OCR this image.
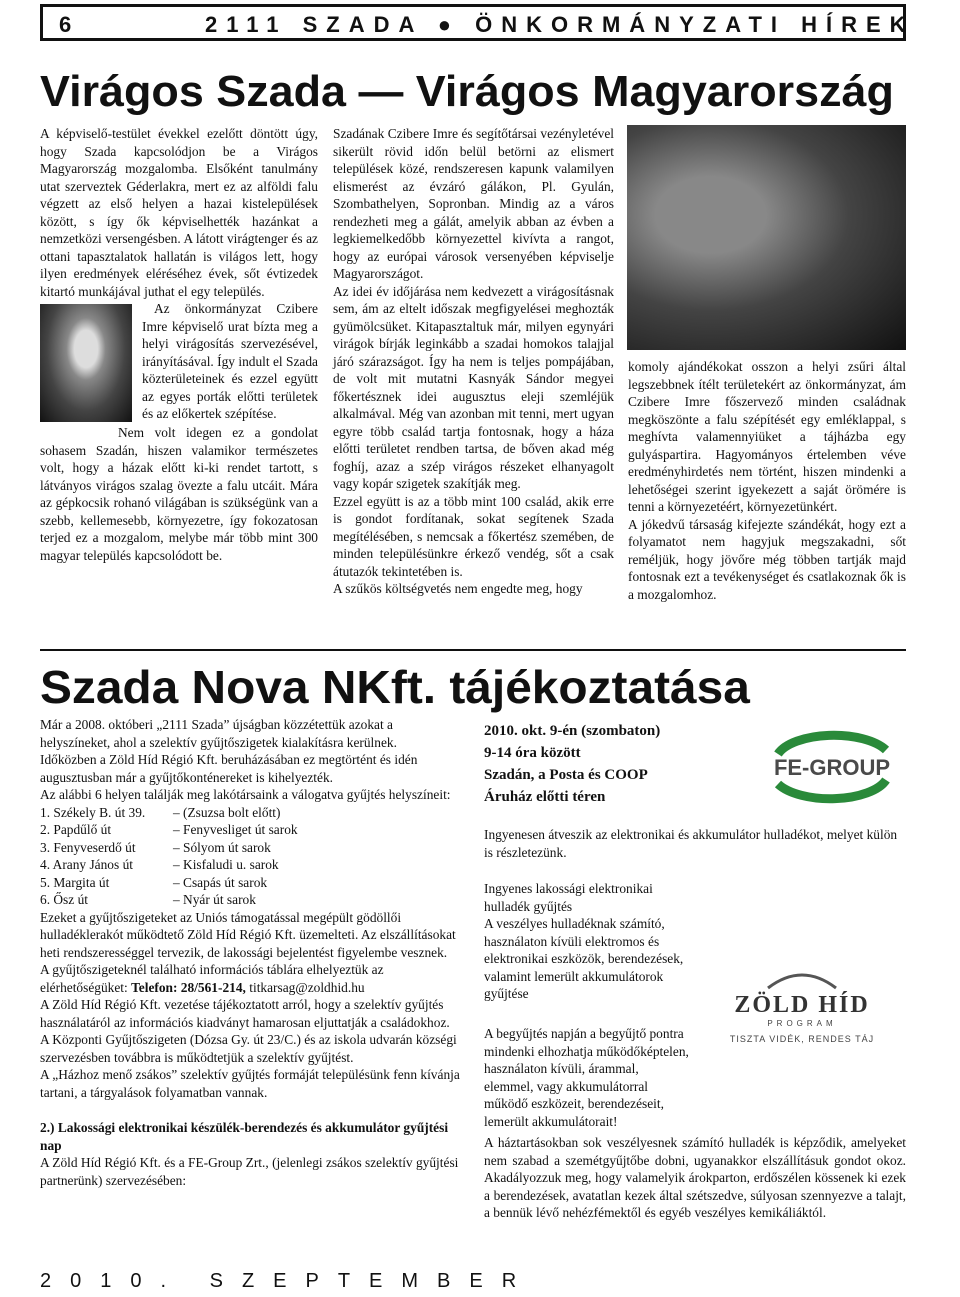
6	2111 SZADA ● ÖNKORMÁNYZATI HÍREK
Virágos Szada — Virágos Magyarország

A képviselő-testület évekkel ezelőtt döntött úgy, hogy Szada kapcsolódjon be a Virágos Magyarország mozgalomba. Elsőként tanulmány utat szerveztek Géderlakra, mert ez az alföldi falu végzett az első helyen a hazai kistelepülések között, s így ők képviselhették hazánkat a nemzetközi versengésben. A látott virágtenger és az ottani tapasztalatok hallatán is világos lett, hogy ilyen eredmények eléréséhez évek, sőt évtizedek kitartó munkájával juthat el egy település.

Az önkormányzat Czibere Imre képviselő urat bízta meg a helyi virágosítás szervezésével, irányításával. Így indult el Szada közterületeinek és ezzel együtt az egyes porták előtti területek és az előkertek szépítése.

Nem volt idegen ez a gondolat sohasem Szadán, hiszen valamikor természetes volt, hogy a házak előtt ki-ki rendet tartott, s látványos virágos szalag övezte a falu utcáit. Mára az gépkocsik rohanó világában is szükségünk van a szebb, kellemesebb, környezetre, így fokozatosan terjed ez a mozgalom, melybe már több mint 300 magyar település kapcsolódott be.

Szadának Czibere Imre és segítőtársai vezényletével sikerült rövid időn belül betörni az elismert települések közé, rendszeresen kapunk valamilyen elismerést az évzáró gálákon, Pl. Gyulán, Szombathelyen, Sopronban. Mindig az a város rendezheti meg a gálát, amelyik abban az évben a legkiemelkedőbb környezettel kivívta a rangot, hogy az európai városok versenyében képviselje Magyarországot.

Az idei év időjárása nem kedvezett a virágosításnak sem, ám az eltelt időszak megfigyelései meghozták gyümölcsüket. Kitapasztaltuk már, milyen egynyári virágok bírják leginkább a szadai homokos talajjal járó szárazságot. Így ha nem is teljes pompájában, de volt mit mutatni Kasnyák Sándor megyei főkertésznek idei augusztus eleji szemléjük alkalmával. Még van azonban mit tenni, mert ugyan egyre több család tartja fontosnak, hogy a háza előtti területet rendben tartsa, de bőven akad még foghíj, azaz a szép virágos részeket elhanyagolt vagy kopár szigetek szakítják meg.

Ezzel együtt is az a több mint 100 család, akik erre is gondot fordítanak, sokat segítenek Szada megítélésében, s nemcsak a főkertész szemében, de minden településünkre érkező vendég, sőt a csak átutazók tekintetében is.

A szűkös költségvetés nem engedte meg, hogy

komoly ajándékokat osszon a helyi zsűri által legszebbnek ítélt területekért az önkormányzat, ám Czibere Imre főszervező minden családnak megköszönte a falu szépítését egy emléklappal, s meghívta valamennyiüket a tájházba egy gulyáspartira. Hagyományos értelemben véve eredményhirdetés nem történt, hiszen mindenki a lehetőségei szerint igyekezett a saját örömére is tenni a környezetéért, környezetünkért.

A jókedvű társaság kifejezte szándékát, hogy ezt a folyamatot nem hagyjuk megszakadni, sőt reméljük, hogy jövőre még többen tartják majd fontosnak ezt a tevékenységet és csatlakoznak ők is a mozgalomhoz.

Szada Nova NKft. tájékoztatása

Már a 2008. októberi „2111 Szada” újságban közzétettük azokat a helyszíneket, ahol a szelektív gyűjtőszigetek kialakításra kerülnek.

Időközben a Zöld Híd Régió Kft. beruházásában ez megtörtént és idén augusztusban már a gyűjtőkonténereket is kihelyezték.

Az alábbi 6 helyen találják meg lakótársaink a válogatva gyűjtés helyszíneit:

1. Székely B. út 39.	– (Zsuzsa bolt előtt)
2. Papdűlő út	– Fenyvesliget út sarok
3. Fenyveserdő út	– Sólyom út sarok
4. Arany János út	– Kisfaludi u. sarok
5. Margita út	– Csapás út sarok
6. Ősz út	– Nyár út sarok

Ezeket a gyűjtőszigeteket az Uniós támogatással megépült gödöllői hulladéklerakót működtető Zöld Híd Régió Kft. üzemelteti. Az elszállításokat heti rendszerességgel tervezik, de lakossági bejelentést figyelembe vesznek.

A gyűjtőszigeteknél található információs táblára elhelyeztük az elérhetőségüket: Telefon: 28/561-214, titkarsag@zoldhid.hu

A Zöld Híd Régió Kft. vezetése tájékoztatott arról, hogy a szelektív gyűjtés használatáról az információs kiadványt hamarosan eljuttatják a családokhoz.

A Központi Gyűjtőszigeten (Dózsa Gy. út 23/C.) és az iskola udvarán községi szervezésben továbbra is működtetjük a szelektív gyűjtést.

A „Házhoz menő zsákos” szelektív gyűjtés formáját településünk fenn kívánja tartani, a tárgyalások folyamatban vannak.

2.) Lakossági elektronikai készülék-berendezés és akkumulátor gyűjtési nap

A Zöld Híd Régió Kft. és a FE-Group Zrt., (jelenlegi zsákos szelektív gyűjtési partnerünk) szervezésében:

2010. okt. 9-én (szombaton)
9-14 óra között
Szadán, a Posta és COOP
Áruház előtti téren
FE-GROUP
Ingyenesen átveszik az elektronikai és akkumulátor hulladékot, melyet külön is részletezünk.

Ingyenes lakossági elektronikai hulladék gyűjtés

A veszélyes hulladéknak számító, használaton kívüli elektromos és elektronikai eszközök, berendezések, valamint lemerült akkumulátorok gyűjtése	ZÖLD HÍD
PROGRAM
TISZTA VIDÉK, RENDES TÁJ
A begyűjtés napján a begyűjtő pontra mindenki elhozhatja működőképtelen, használaton kívüli, árammal, elemmel, vagy akkumulátorral működő eszközeit, berendezéseit, lemerült akkumulátorait!
A háztartásokban sok veszélyesnek számító hulladék is képződik, amelyeket nem szabad a szemétgyűjtőbe dobni, ugyanakkor elszállításuk gondot okoz. Akadályozzuk meg, hogy valamelyik árokparton, erdőszélen kössenek ki ezek a berendezések, avatatlan kezek által szétszedve, súlyosan szennyezve a talajt, a bennük lévő nehézfémektől és egyéb veszélyes kemikáliáktól.
2010. SZEPTEMBER
